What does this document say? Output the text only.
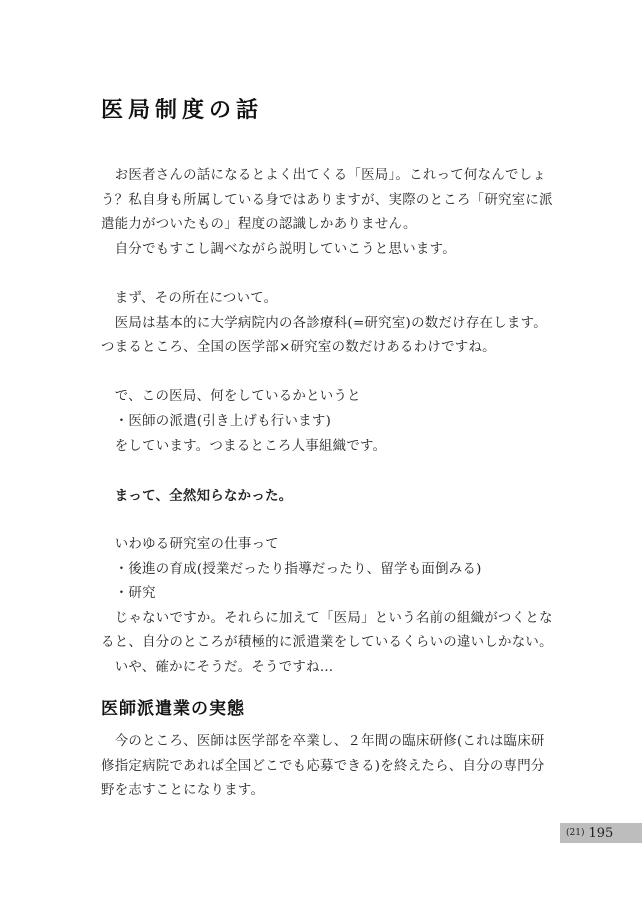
医局制度の話

　お医者さんの話になるとよく出てくる「医局」。これって何なんでしょ

う？私自身も所属している身ではありますが、実際のところ「研究室に派

遣能力がついたもの」程度の認識しかありません。

　自分でもすこし調べながら説明していこうと思います。

　まず、その所在について。

　医局は基本的に大学病院内の各診療科(=研究室)の数だけ存在します。

つまるところ、全国の医学部×研究室の数だけあるわけですね。

　で、この医局、何をしているかというと

　・医師の派遣(引き上げも行います)

　をしています。つまるところ人事組織です。

　まって、全然知らなかった。

　いわゆる研究室の仕事って

　・後進の育成(授業だったり指導だったり、留学も面倒みる)

　・研究

　じゃないですか。それらに加えて「医局」という名前の組織がつくとな

ると、自分のところが積極的に派遣業をしているくらいの違いしかない。

　いや、確かにそうだ。そうですね…

医師派遣業の実態

　今のところ、医師は医学部を卒業し、２年間の臨床研修(これは臨床研

修指定病院であれば全国どこでも応募できる)を終えたら、自分の専門分

野を志すことになります。

(21) 195
